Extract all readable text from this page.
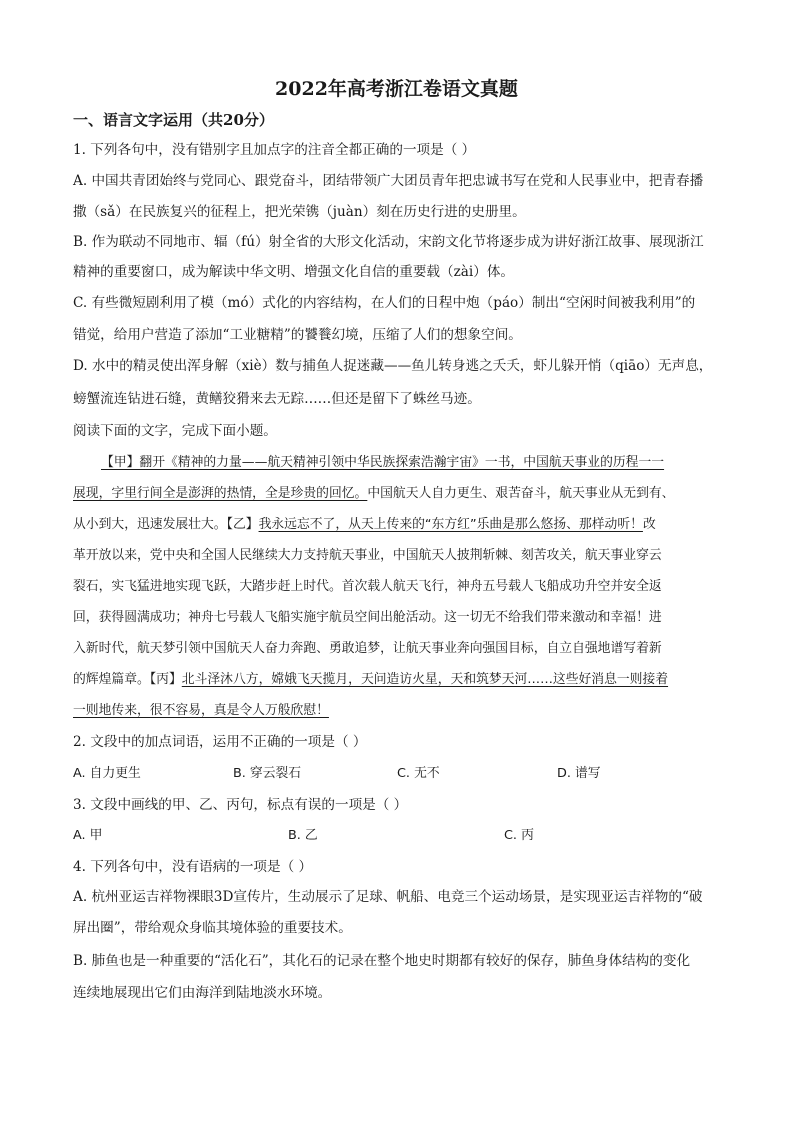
2022年高考浙江卷语文真题
一、语言文字运用（共20分）
1. 下列各句中，没有错别字且加点字的注音全都正确的一项是（ ）
A. 中国共青团始终与党同心、跟党奋斗，团结带领广大团员青年把忠诚书写在党和人民事业中，把青春播
撒（sǎ）在民族复兴的征程上，把光荣镌（juàn）刻在历史行进的史册里。
B. 作为联动不同地市、辐（fú）射全省的大形文化活动，宋韵文化节将逐步成为讲好浙江故事、展现浙江
精神的重要窗口，成为解读中华文明、增强文化自信的重要载（zài）体。
C. 有些微短剧利用了模（mó）式化的内容结构，在人们的日程中炮（páo）制出“空闲时间被我利用”的
错觉，给用户营造了添加“工业糖精”的饕餮幻境，压缩了人们的想象空间。
D. 水中的精灵使出浑身解（xiè）数与捕鱼人捉迷藏——鱼儿转身逃之夭夭，虾儿躲开悄（qiāo）无声息，
螃蟹流连钻进石缝，黄鳝狡猾来去无踪……但还是留下了蛛丝马迹。
阅读下面的文字，完成下面小题。
【甲】翻开《精神的力量——航天精神引领中华民族探索浩瀚宇宙》一书，中国航天事业的历程一一
展现，字里行间全是澎湃的热情，全是珍贵的回忆。中国航天人自力更生、艰苦奋斗，航天事业从无到有、
从小到大，迅速发展壮大。【乙】我永远忘不了，从天上传来的“东方红”乐曲是那么悠扬、那样动听！改
革开放以来，党中央和全国人民继续大力支持航天事业，中国航天人披荆斩棘、刻苦攻关，航天事业穿云
裂石，实飞猛进地实现飞跃，大踏步赶上时代。首次载人航天飞行，神舟五号载人飞船成功升空并安全返
回，获得圆满成功；神舟七号载人飞船实施宇航员空间出舱活动。这一切无不给我们带来激动和幸福！进
入新时代，航天梦引领中国航天人奋力奔跑、勇敢追梦，让航天事业奔向强国目标，自立自强地谱写着新
的辉煌篇章。【丙】北斗泽沐八方，嫦娥飞天揽月，天问造访火星，天和筑梦天河……这些好消息一则接着
一则地传来，很不容易，真是令人万般欣慰！
2. 文段中的加点词语，运用不正确的一项是（ ）
A. 自力更生	B. 穿云裂石	C. 无不	D. 谱写
3. 文段中画线的甲、乙、丙句，标点有误的一项是（ ）
A. 甲	B. 乙	C. 丙
4. 下列各句中，没有语病的一项是（ ）
A. 杭州亚运吉祥物裸眼3D宣传片，生动展示了足球、帆船、电竞三个运动场景，是实现亚运吉祥物的“破
屏出圈”，带给观众身临其境体验的重要技术。
B. 肺鱼也是一种重要的“活化石”，其化石的记录在整个地史时期都有较好的保存，肺鱼身体结构的变化
连续地展现出它们由海洋到陆地淡水环境。
